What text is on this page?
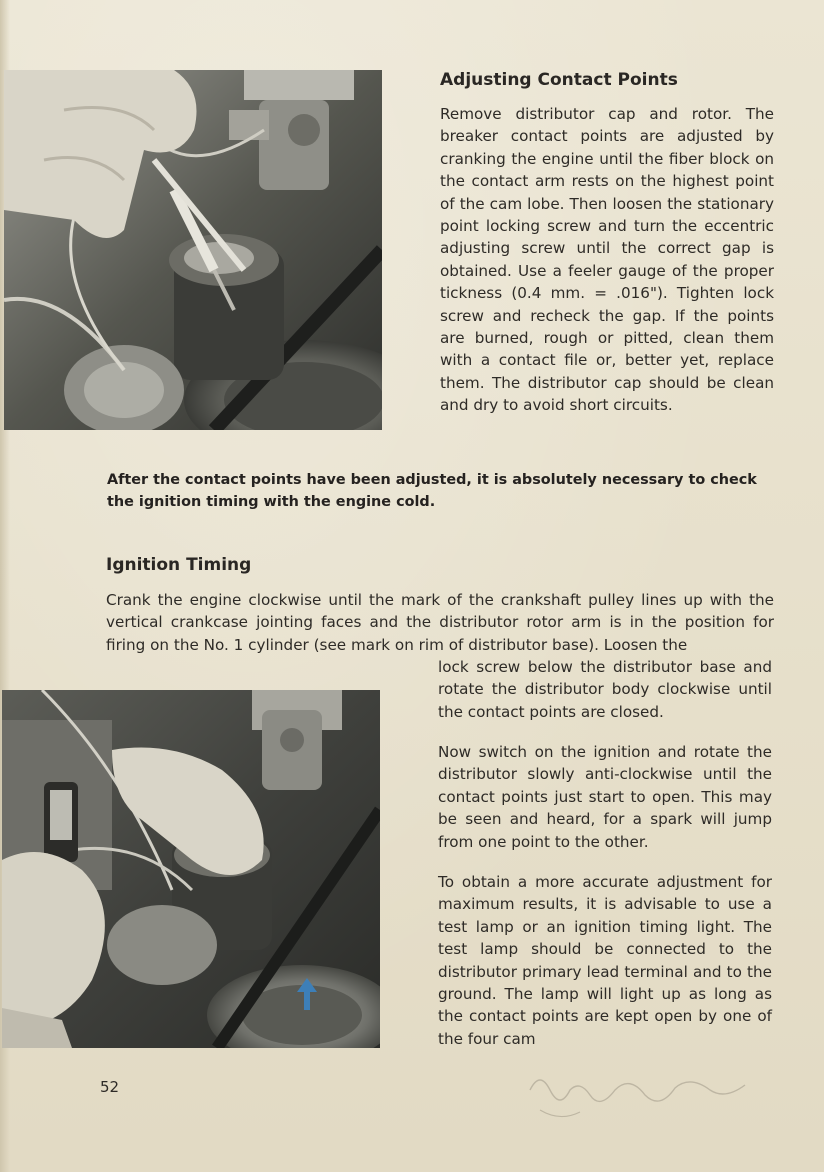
Adjusting Contact Points

Remove distributor cap and rotor. The breaker contact points are adjusted by cranking the engine until the fiber block on the contact arm rests on the highest point of the cam lobe. Then loosen the stationary point locking screw and turn the eccentric adjusting screw until the correct gap is obtained. Use a feeler gauge of the proper tickness (0.4 mm. = .016"). Tighten lock screw and recheck the gap. If the points are burned, rough or pitted, clean them with a contact file or, better yet, replace them. The distributor cap should be clean and dry to avoid short circuits.

After the contact points have been adjusted, it is absolutely necessary to check the ignition timing with the engine cold.

Ignition Timing

Crank the engine clockwise until the mark of the crankshaft pulley lines up with the vertical crankcase jointing faces and the distributor rotor arm is in the position for firing on the No. 1 cylinder (see mark on rim of distributor base). Loosen the

lock screw below the distributor base and rotate the distributor body clockwise until the contact points are closed.

Now switch on the ignition and rotate the distributor slowly anti-clockwise until the contact points just start to open. This may be seen and heard, for a spark will jump from one point to the other.

To obtain a more accurate adjustment for maximum results, it is advisable to use a test lamp or an ignition timing light. The test lamp should be connected to the distributor primary lead terminal and to the ground. The lamp will light up as long as the contact points are kept open by one of the four cam

52
